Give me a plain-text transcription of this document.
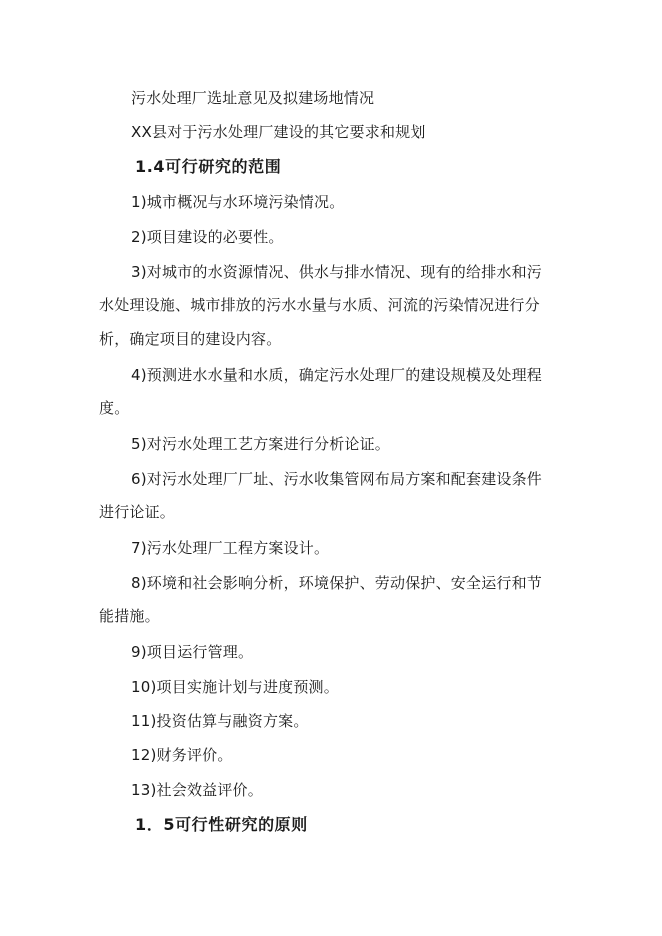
污水处理厂选址意见及拟建场地情况
XX县对于污水处理厂建设的其它要求和规划
1.4可行研究的范围
1)城市概况与水环境污染情况。
2)项目建设的必要性。
3)对城市的水资源情况、供水与排水情况、现有的给排水和污
水处理设施、城市排放的污水水量与水质、河流的污染情况进行分
析，确定项目的建设内容。
4)预测进水水量和水质，确定污水处理厂的建设规模及处理程
度。
5)对污水处理工艺方案进行分析论证。
6)对污水处理厂厂址、污水收集管网布局方案和配套建设条件
进行论证。
7)污水处理厂工程方案设计。
8)环境和社会影响分析，环境保护、劳动保护、安全运行和节
能措施。
9)项目运行管理。
10)项目实施计划与进度预测。
11)投资估算与融资方案。
12)财务评价。
13)社会效益评价。
1．5可行性研究的原则
